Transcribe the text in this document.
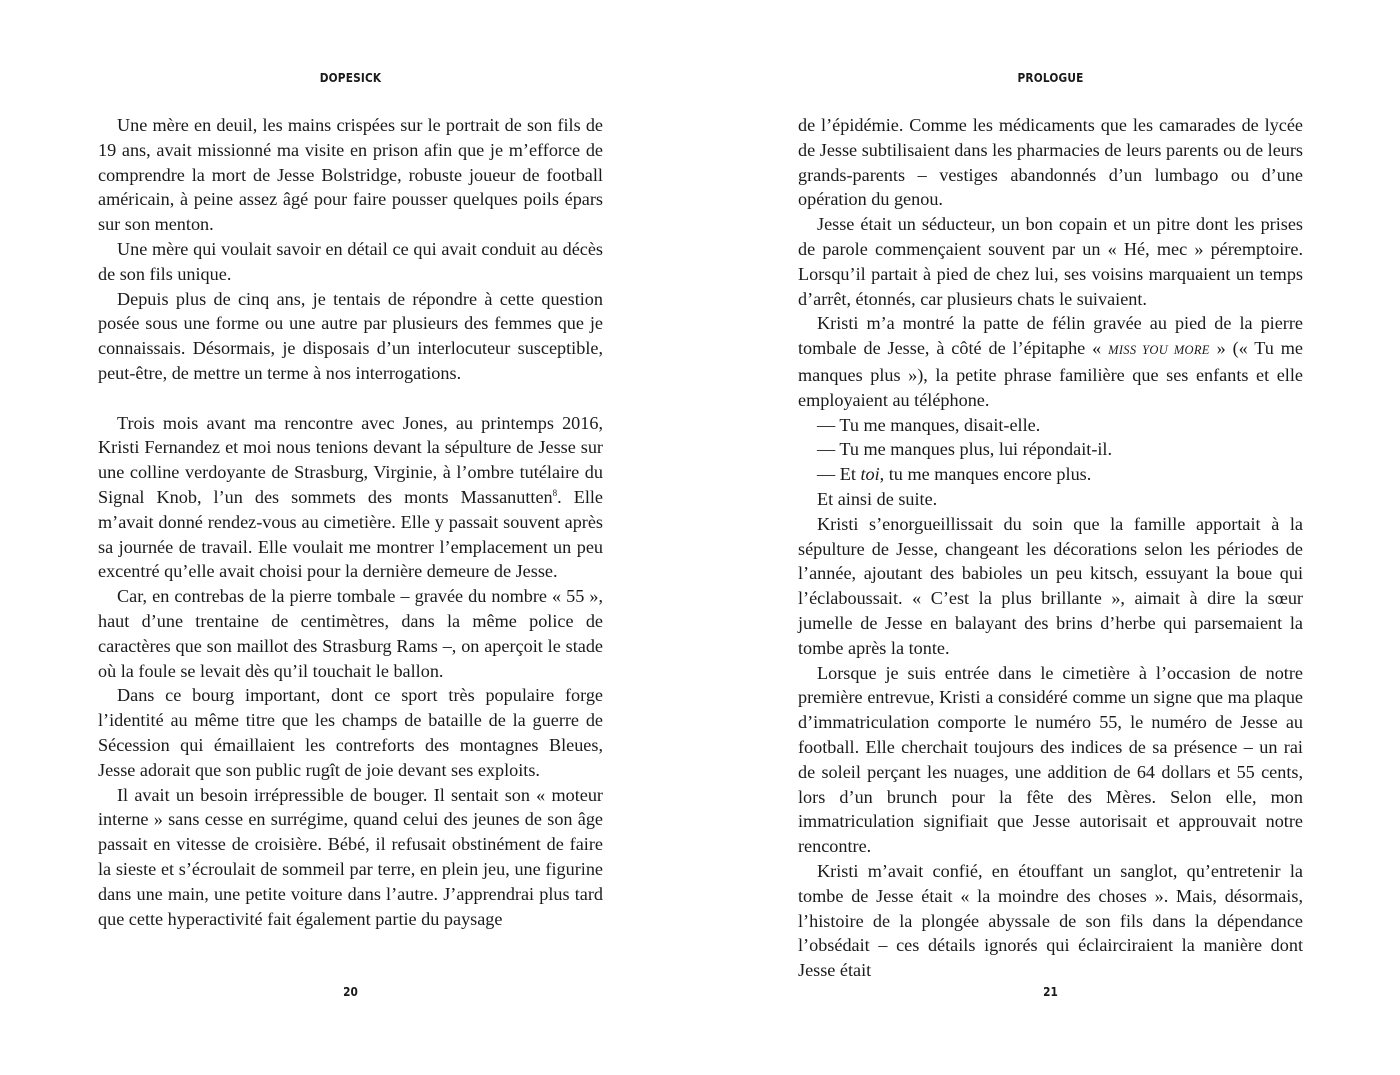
DOPESICK

Une mère en deuil, les mains crispées sur le portrait de son fils de 19 ans, avait missionné ma visite en prison afin que je m’efforce de comprendre la mort de Jesse Bolstridge, robuste joueur de football américain, à peine assez âgé pour faire pousser quelques poils épars sur son menton.

Une mère qui voulait savoir en détail ce qui avait conduit au décès de son fils unique.

Depuis plus de cinq ans, je tentais de répondre à cette question posée sous une forme ou une autre par plusieurs des femmes que je connaissais. Désormais, je disposais d’un interlocuteur susceptible, peut-être, de mettre un terme à nos interrogations.

Trois mois avant ma rencontre avec Jones, au printemps 2016, Kristi Fernandez et moi nous tenions devant la sépulture de Jesse sur une colline verdoyante de Strasburg, Virginie, à l’ombre tutélaire du Signal Knob, l’un des sommets des monts Massanutten$^8$. Elle m’avait donné rendez-vous au cimetière. Elle y passait souvent après sa journée de travail. Elle voulait me montrer l’emplacement un peu excentré qu’elle avait choisi pour la dernière demeure de Jesse.

Car, en contrebas de la pierre tombale – gravée du nombre « 55 », haut d’une trentaine de centimètres, dans la même police de caractères que son maillot des Strasburg Rams –, on aperçoit le stade où la foule se levait dès qu’il touchait le ballon.

Dans ce bourg important, dont ce sport très populaire forge l’identité au même titre que les champs de bataille de la guerre de Sécession qui émaillaient les contreforts des montagnes Bleues, Jesse adorait que son public rugît de joie devant ses exploits.

Il avait un besoin irrépressible de bouger. Il sentait son « moteur interne » sans cesse en surrégime, quand celui des jeunes de son âge passait en vitesse de croisière. Bébé, il refusait obstinément de faire la sieste et s’écroulait de sommeil par terre, en plein jeu, une figurine dans une main, une petite voiture dans l’autre. J’apprendrai plus tard que cette hyperactivité fait également partie du paysage

20
PROLOGUE

de l’épidémie. Comme les médicaments que les camarades de lycée de Jesse subtilisaient dans les pharmacies de leurs parents ou de leurs grands-parents – vestiges abandonnés d’un lumbago ou d’une opération du genou.

Jesse était un séducteur, un bon copain et un pitre dont les prises de parole commençaient souvent par un « Hé, mec » péremptoire. Lorsqu’il partait à pied de chez lui, ses voisins marquaient un temps d’arrêt, étonnés, car plusieurs chats le suivaient.

Kristi m’a montré la patte de félin gravée au pied de la pierre tombale de Jesse, à côté de l’épitaphe « MISS YOU MORE » (« Tu me manques plus »), la petite phrase familière que ses enfants et elle employaient au téléphone.

— Tu me manques, disait-elle.

— Tu me manques plus, lui répondait-il.

— Et toi, tu me manques encore plus.

Et ainsi de suite.

Kristi s’enorgueillissait du soin que la famille apportait à la sépulture de Jesse, changeant les décorations selon les périodes de l’année, ajoutant des babioles un peu kitsch, essuyant la boue qui l’éclaboussait. « C’est la plus brillante », aimait à dire la sœur jumelle de Jesse en balayant des brins d’herbe qui parsemaient la tombe après la tonte.

Lorsque je suis entrée dans le cimetière à l’occasion de notre première entrevue, Kristi a considéré comme un signe que ma plaque d’immatriculation comporte le numéro 55, le numéro de Jesse au football. Elle cherchait toujours des indices de sa présence – un rai de soleil perçant les nuages, une addition de 64 dollars et 55 cents, lors d’un brunch pour la fête des Mères. Selon elle, mon immatriculation signifiait que Jesse autorisait et approuvait notre rencontre.

Kristi m’avait confié, en étouffant un sanglot, qu’entretenir la tombe de Jesse était « la moindre des choses ». Mais, désormais, l’histoire de la plongée abyssale de son fils dans la dépendance l’obsédait – ces détails ignorés qui éclairciraient la manière dont Jesse était

21
